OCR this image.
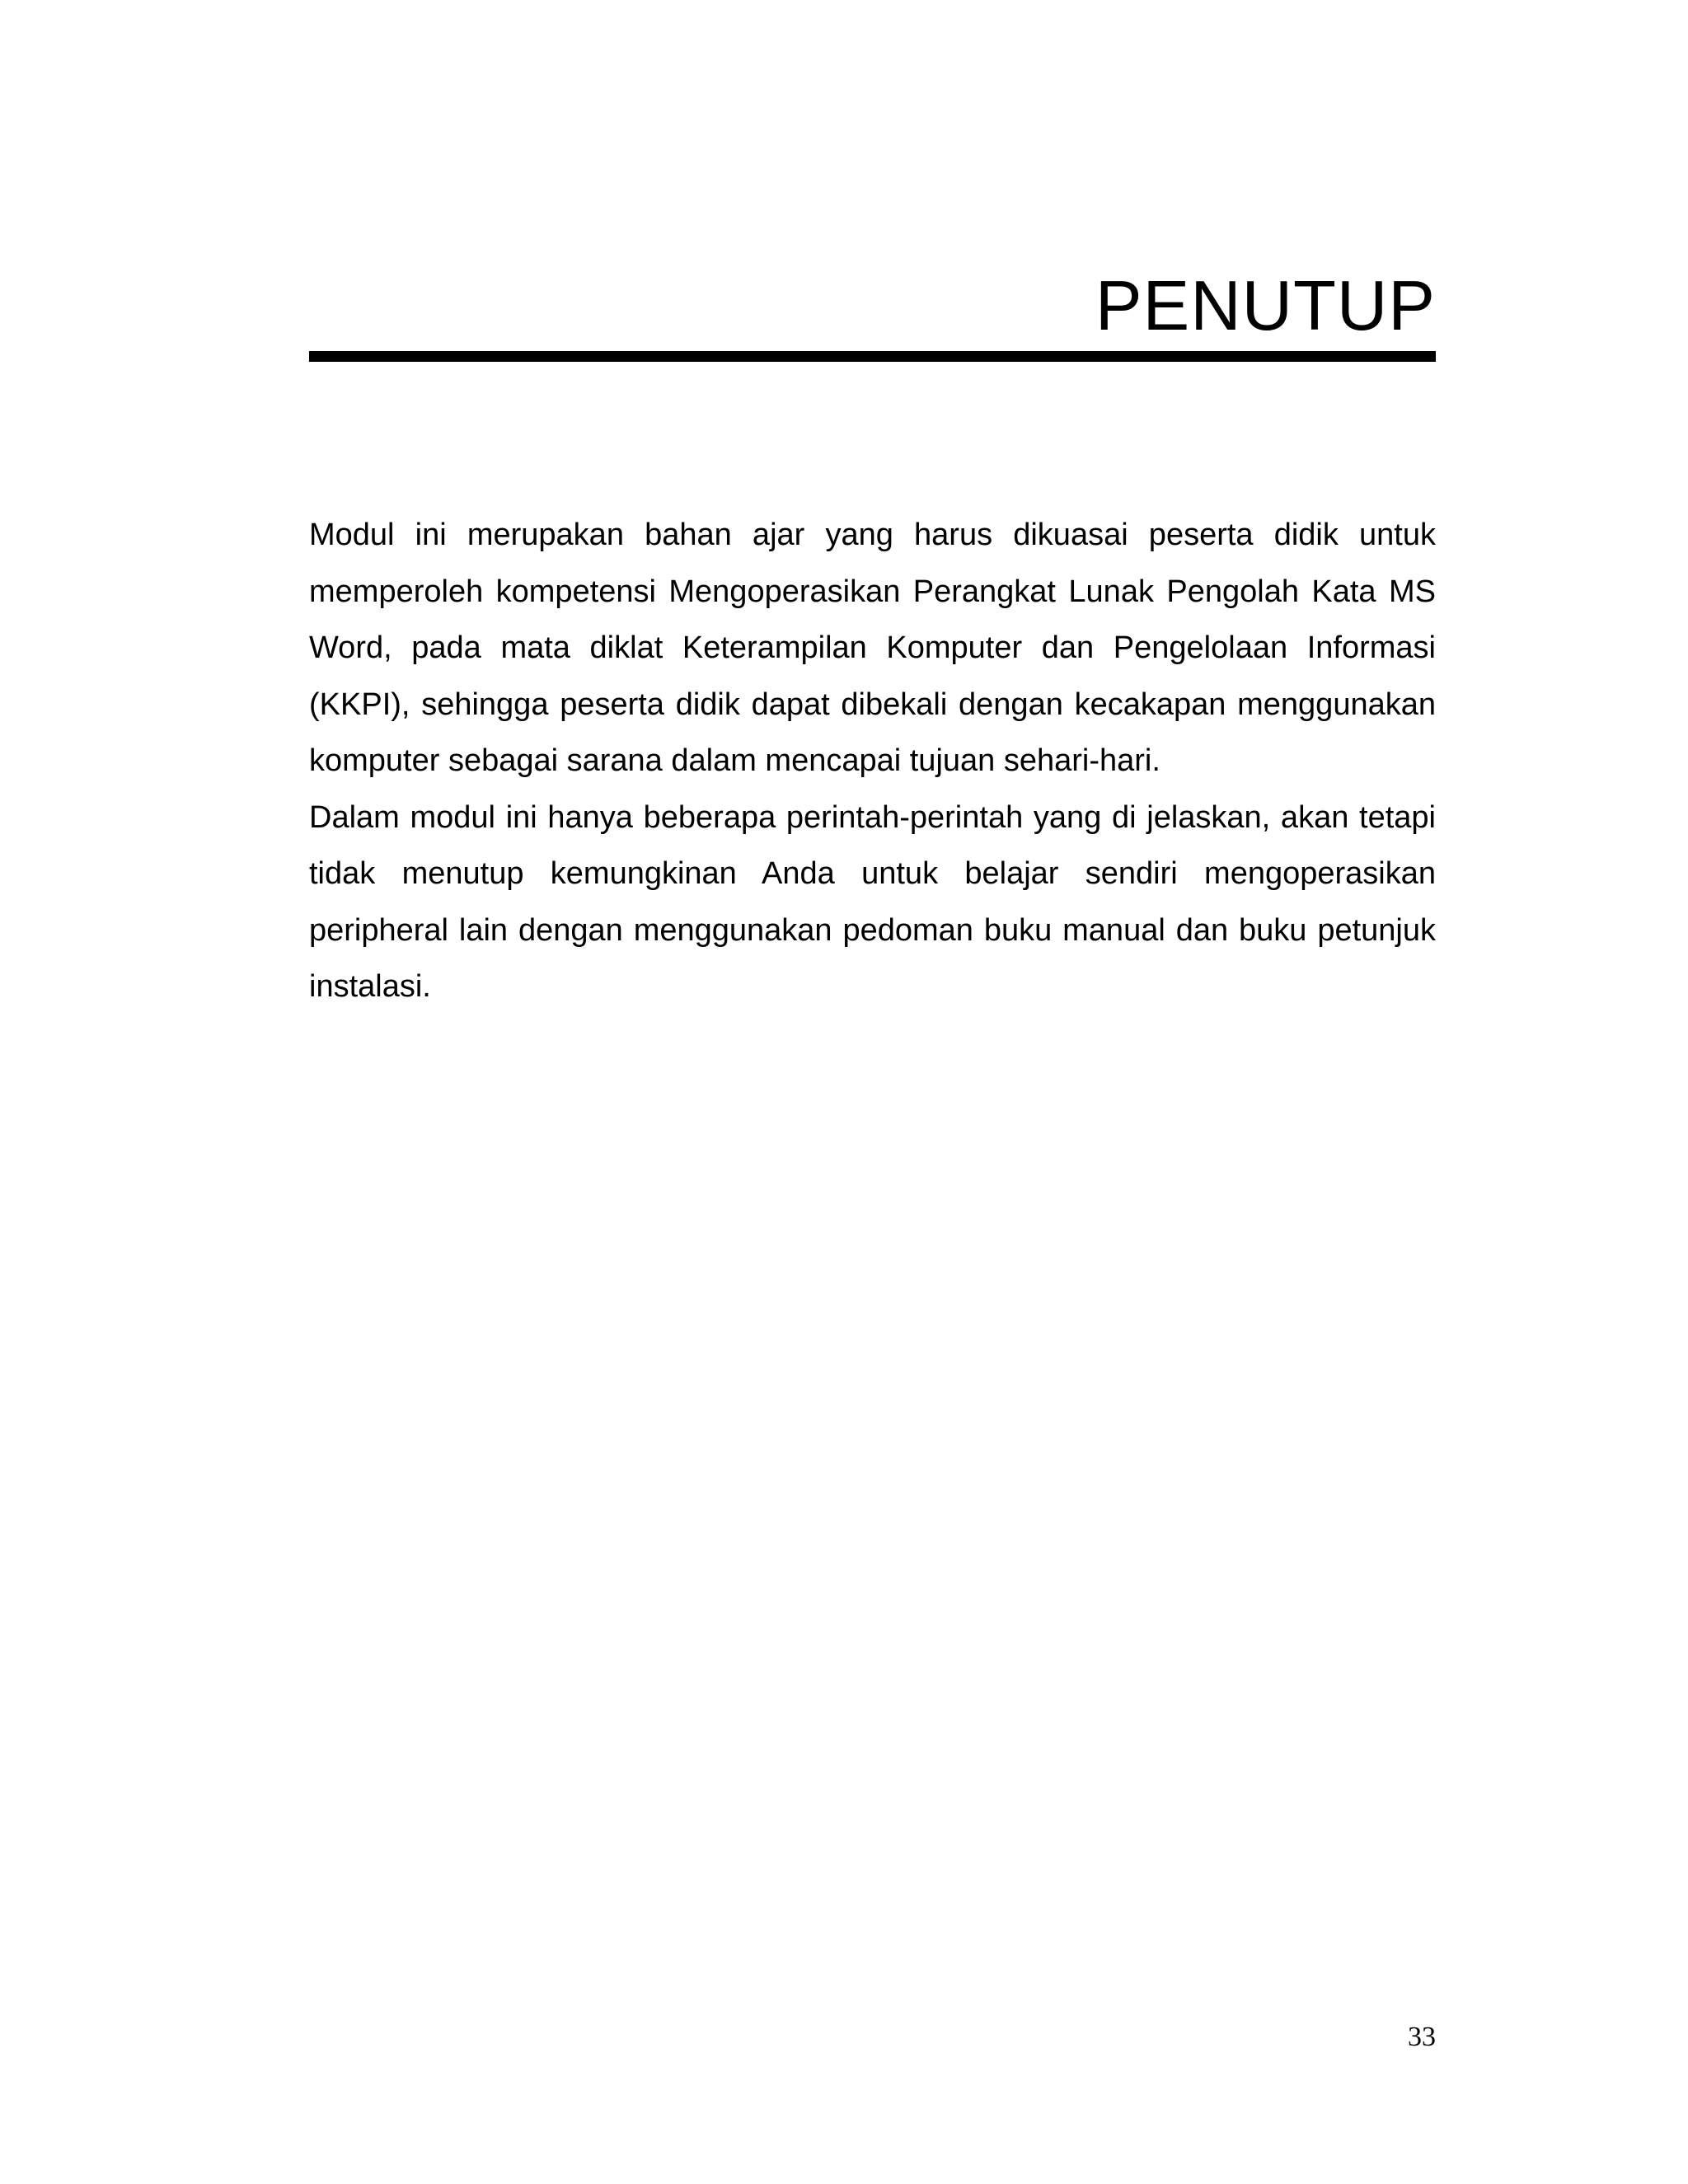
PENUTUP

Modul ini merupakan bahan ajar yang harus dikuasai peserta didik untuk memperoleh kompetensi Mengoperasikan Perangkat Lunak Pengolah Kata MS Word, pada mata diklat Keterampilan Komputer dan Pengelolaan Informasi (KKPI), sehingga peserta didik dapat dibekali dengan kecakapan menggunakan komputer sebagai sarana dalam mencapai tujuan sehari-hari.

Dalam modul ini hanya beberapa perintah-perintah yang di jelaskan, akan tetapi tidak menutup kemungkinan Anda untuk belajar sendiri mengoperasikan peripheral lain dengan menggunakan pedoman buku manual dan buku petunjuk instalasi.

33
